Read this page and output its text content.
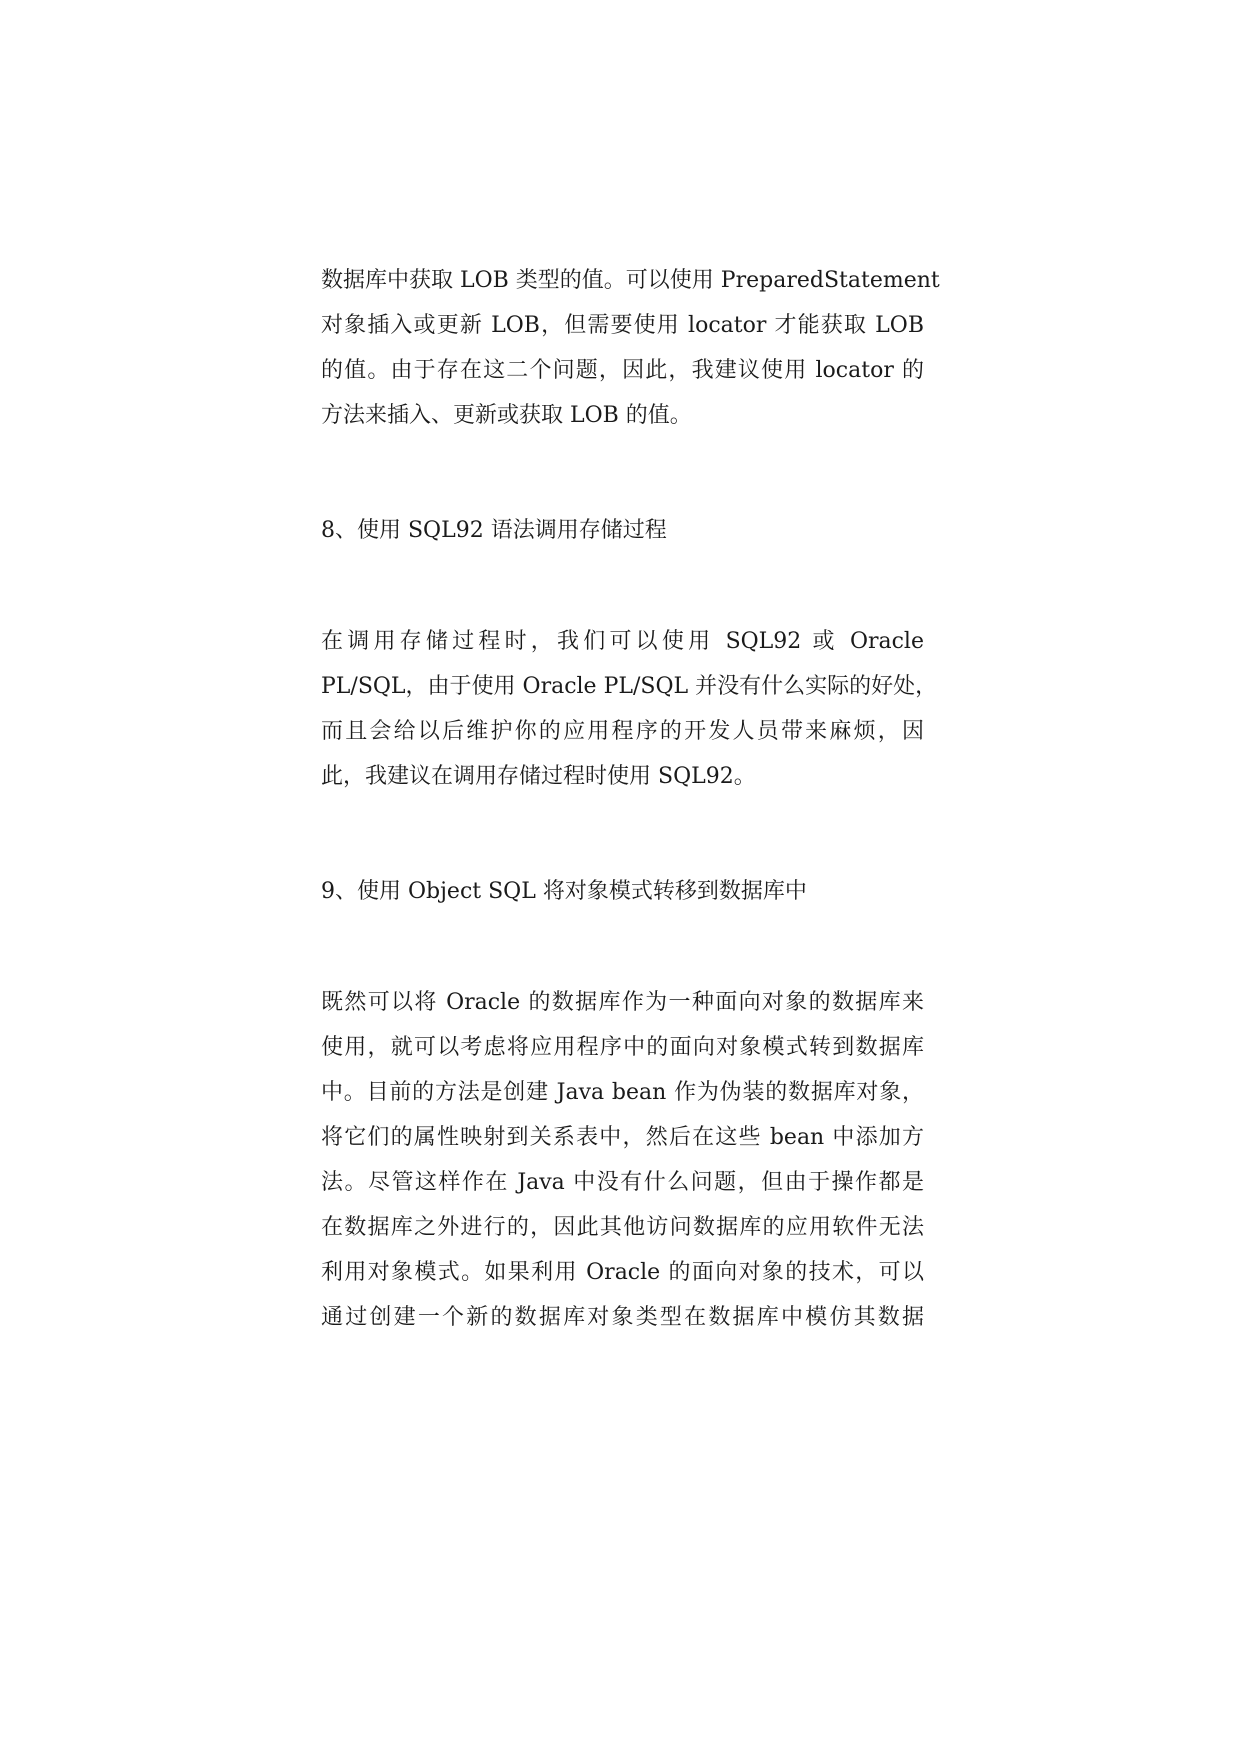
数据库中获取 LOB 类型的值。可以使用 PreparedStatement
对象插入或更新 LOB，但需要使用 locator 才能获取 LOB
的值。由于存在这二个问题，因此，我建议使用 locator 的
方法来插入、更新或获取 LOB 的值。

8、使用 SQL92 语法调用存储过程

在调用存储过程时，我们可以使用 SQL92 或 Oracle
PL/SQL，由于使用 Oracle PL/SQL 并没有什么实际的好处，
而且会给以后维护你的应用程序的开发人员带来麻烦，因
此，我建议在调用存储过程时使用 SQL92。

9、使用 Object SQL 将对象模式转移到数据库中

既然可以将 Oracle 的数据库作为一种面向对象的数据库来
使用，就可以考虑将应用程序中的面向对象模式转到数据库
中。目前的方法是创建 Java bean 作为伪装的数据库对象，
将它们的属性映射到关系表中，然后在这些 bean 中添加方
法。尽管这样作在 Java 中没有什么问题，但由于操作都是
在数据库之外进行的，因此其他访问数据库的应用软件无法
利用对象模式。如果利用 Oracle 的面向对象的技术，可以
通过创建一个新的数据库对象类型在数据库中模仿其数据
